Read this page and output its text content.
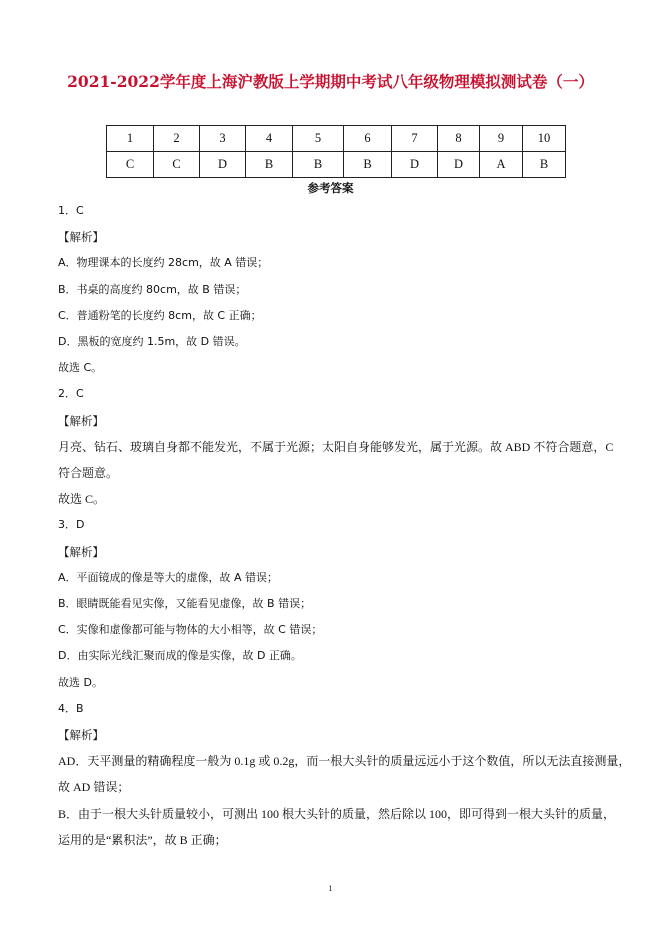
2021-2022学年度上海沪教版上学期期中考试八年级物理模拟测试卷（一）
1	2	3	4	5	6	7	8	9	10
C	C	D	B	B	B	D	D	A	B
参考答案
1．C
【解析】
A．物理课本的长度约 28cm，故 A 错误；
B．书桌的高度约 80cm，故 B 错误；
C．普通粉笔的长度约 8cm，故 C 正确；
D．黑板的宽度约 1.5m，故 D 错误。
故选 C。
2．C
【解析】
月亮、钻石、玻璃自身都不能发光，不属于光源；太阳自身能够发光，属于光源。故 ABD 不符合题意，C
符合题意。
故选 C。
3．D
【解析】
A．平面镜成的像是等大的虚像，故 A 错误；
B．眼睛既能看见实像，又能看见虚像，故 B 错误；
C．实像和虚像都可能与物体的大小相等，故 C 错误；
D．由实际光线汇聚而成的像是实像，故 D 正确。
故选 D。
4．B
【解析】
AD．天平测量的精确程度一般为 0.1g 或 0.2g，而一根大头针的质量远远小于这个数值，所以无法直接测量，
故 AD 错误；
B．由于一根大头针质量较小，可测出 100 根大头针的质量，然后除以 100，即可得到一根大头针的质量，
运用的是“累积法”，故 B 正确；
1
